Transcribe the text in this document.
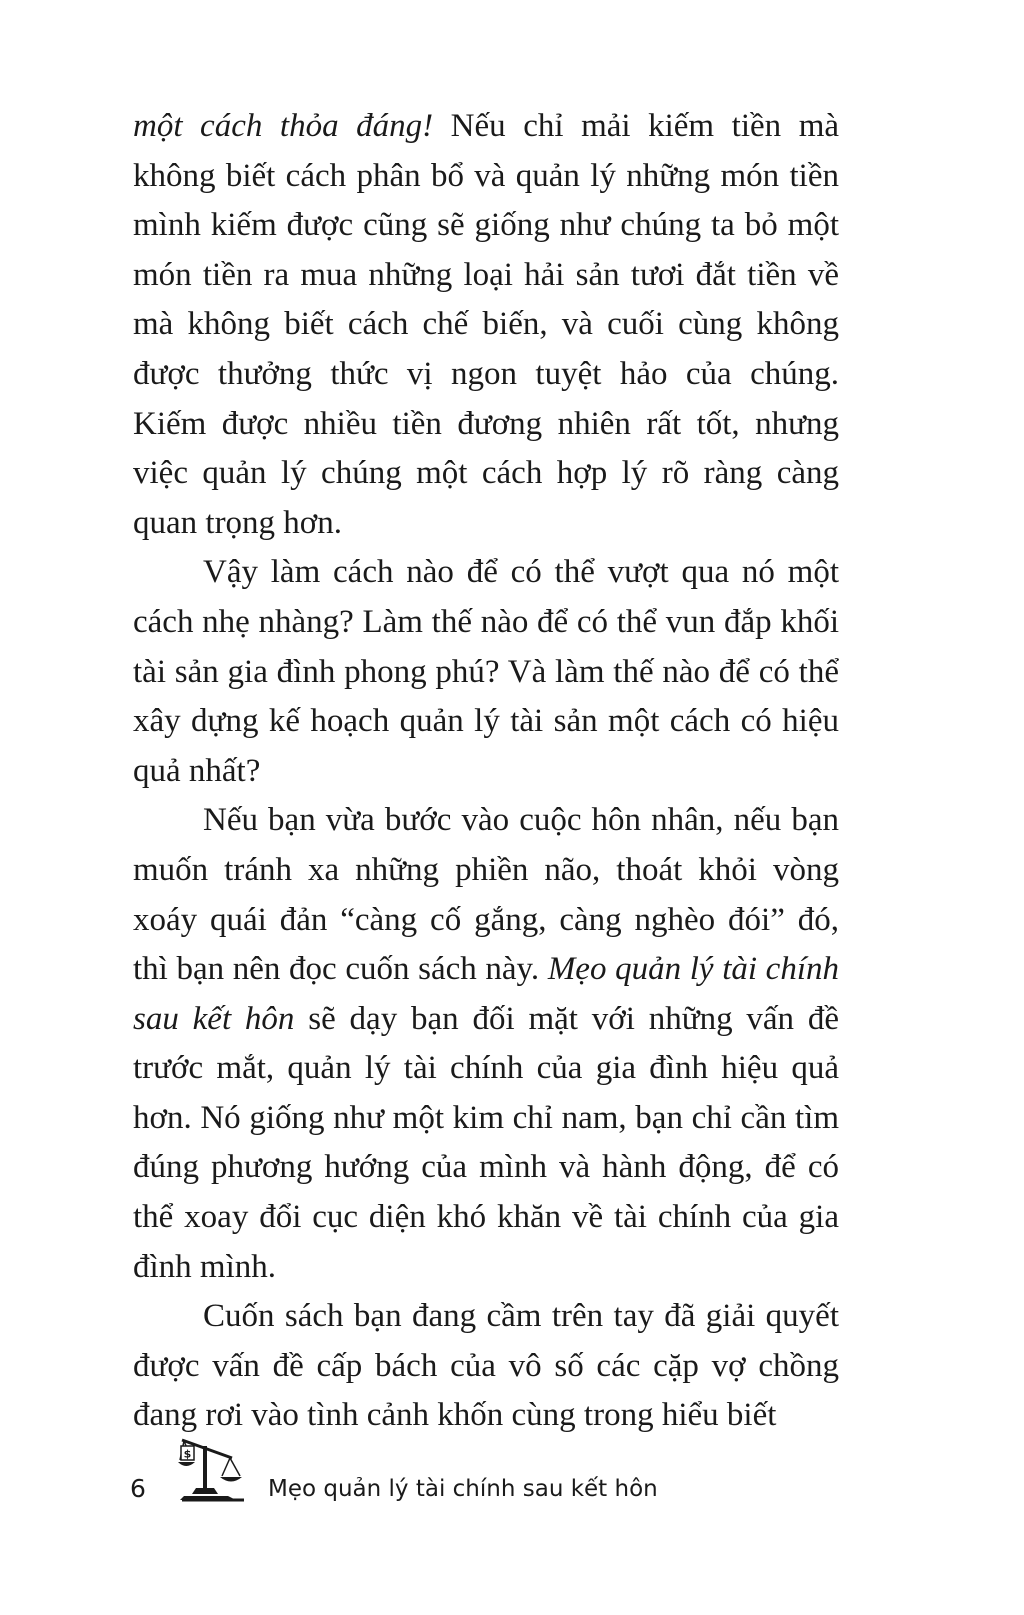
một cách thỏa đáng! Nếu chỉ mải kiếm tiền mà không biết cách phân bổ và quản lý những món tiền mình kiếm được cũng sẽ giống như chúng ta bỏ một món tiền ra mua những loại hải sản tươi đắt tiền về mà không biết cách chế biến, và cuối cùng không được thưởng thức vị ngon tuyệt hảo của chúng. Kiếm được nhiều tiền đương nhiên rất tốt, nhưng việc quản lý chúng một cách hợp lý rõ ràng càng quan trọng hơn.

Vậy làm cách nào để có thể vượt qua nó một cách nhẹ nhàng? Làm thế nào để có thể vun đắp khối tài sản gia đình phong phú? Và làm thế nào để có thể xây dựng kế hoạch quản lý tài sản một cách có hiệu quả nhất?

Nếu bạn vừa bước vào cuộc hôn nhân, nếu bạn muốn tránh xa những phiền não, thoát khỏi vòng xoáy quái đản “càng cố gắng, càng nghèo đói” đó, thì bạn nên đọc cuốn sách này. Mẹo quản lý tài chính sau kết hôn sẽ dạy bạn đối mặt với những vấn đề trước mắt, quản lý tài chính của gia đình hiệu quả hơn. Nó giống như một kim chỉ nam, bạn chỉ cần tìm đúng phương hướng của mình và hành động, để có thể xoay đổi cục diện khó khăn về tài chính của gia đình mình.

Cuốn sách bạn đang cầm trên tay đã giải quyết được vấn đề cấp bách của vô số các cặp vợ chồng đang rơi vào tình cảnh khốn cùng trong hiểu biết

6
$
Mẹo quản lý tài chính sau kết hôn
